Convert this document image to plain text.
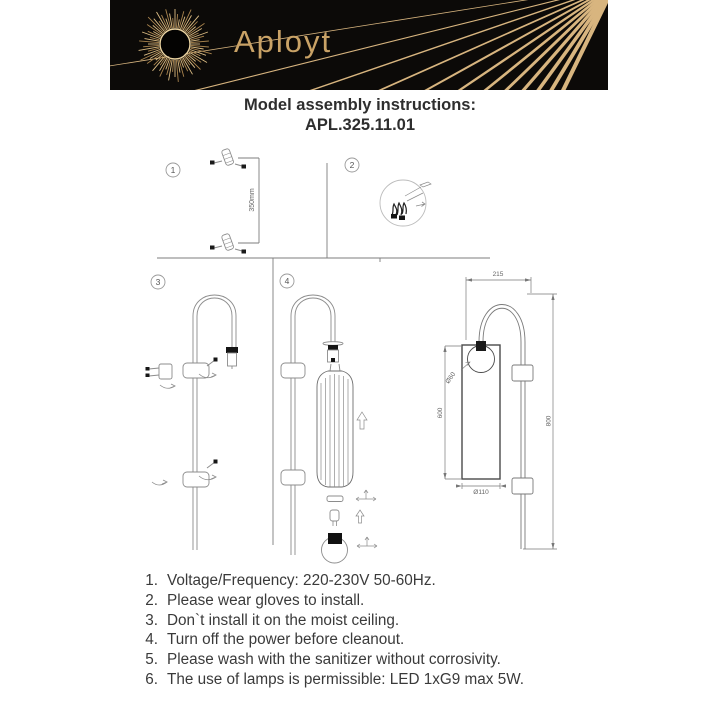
Aployt
Model assembly instructions:
APL.325.11.01
1	2
3	4
350mm
215
800
600
Ø60
Ø110
1. Voltage/Frequency: 220-230V 50-60Hz.
2. Please wear gloves to install.
3. Don`t install it on the moist ceiling.
4. Turn off the power before cleanout.
5. Please wash with the sanitizer without corrosivity.
6. The use of lamps is permissible: LED 1xG9 max 5W.
